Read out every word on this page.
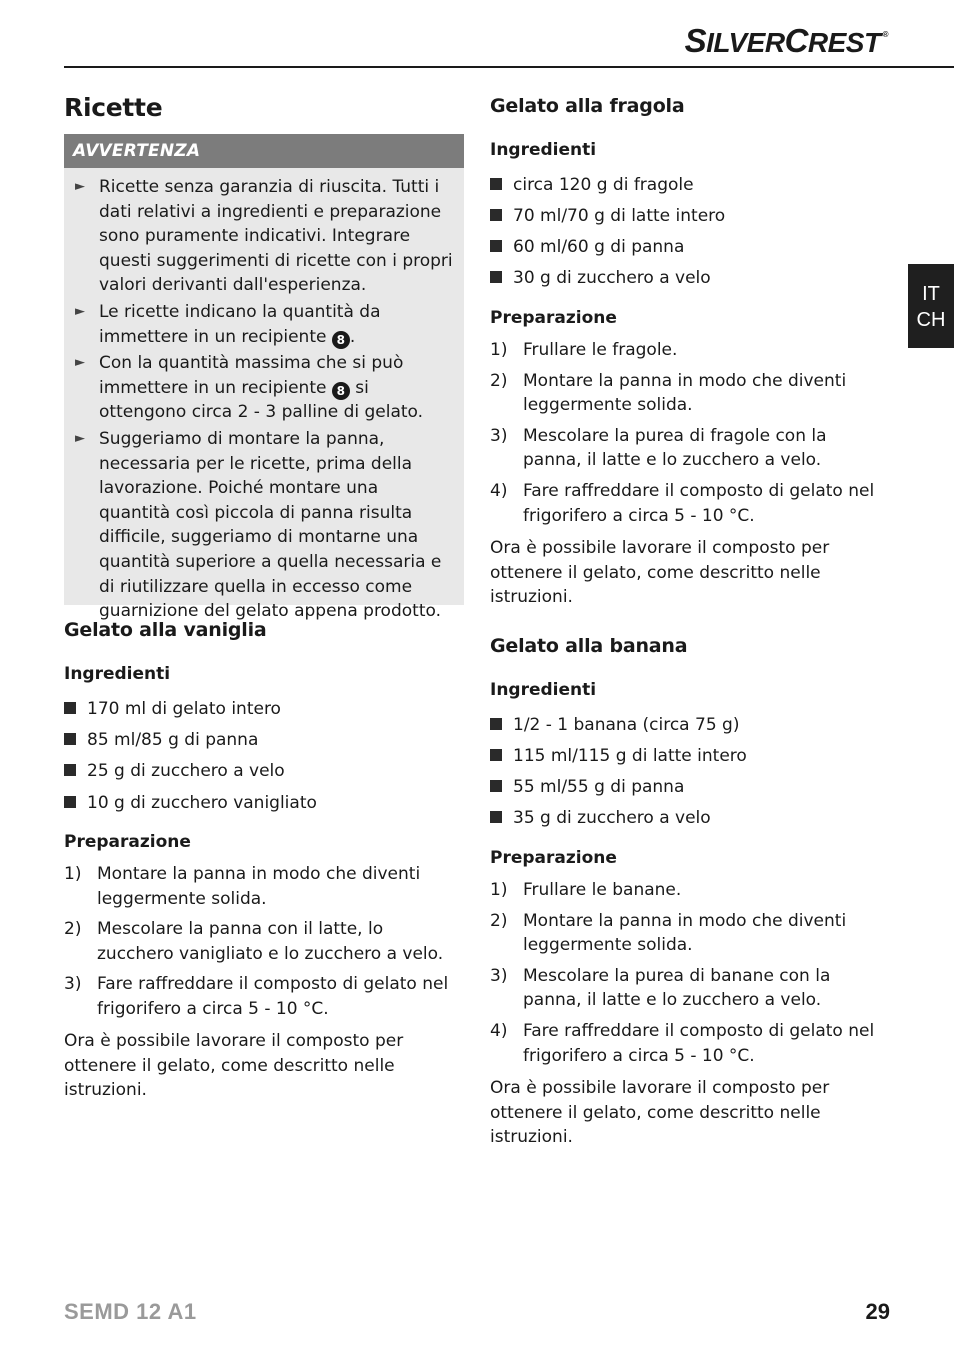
SILVERCREST ®
IT
CH
Ricette
AVVERTENZA
► Ricette senza garanzia di riuscita. Tutti i dati relativi a ingredienti e preparazione sono puramente indicativi. Integrare questi suggerimenti di ricette con i propri valori derivanti dall'esperienza.
► Le ricette indicano la quantità da immettere in un recipiente 8 .
► Con la quantità massima che si può immettere in un recipiente 8 si ottengono circa 2 - 3 palline di gelato.
► Suggeriamo di montare la panna, necessaria per le ricette, prima della lavorazione. Poiché montare una quantità così piccola di panna risulta difficile, suggeriamo di montarne una quantità superiore a quella necessaria e di riutilizzare quella in eccesso come guarnizione del gelato appena prodotto.
Gelato alla vaniglia
Ingredienti
170 ml di gelato intero
85 ml/85 g di panna
25 g di zucchero a velo
10 g di zucchero vanigliato
Preparazione
1) Montare la panna in modo che diventi leggermente solida.
2) Mescolare la panna con il latte, lo zucchero vanigliato e lo zucchero a velo.
3) Fare raffreddare il composto di gelato nel frigorifero a circa 5 - 10 °C.

Ora è possibile lavorare il composto per ottenere il gelato, come descritto nelle istruzioni.

Gelato alla fragola
Ingredienti
circa 120 g di fragole
70 ml/70 g di latte intero
60 ml/60 g di panna
30 g di zucchero a velo
Preparazione
1) Frullare le fragole.
2) Montare la panna in modo che diventi leggermente solida.
3) Mescolare la purea di fragole con la panna, il latte e lo zucchero a velo.
4) Fare raffreddare il composto di gelato nel frigorifero a circa 5 - 10 °C.

Ora è possibile lavorare il composto per ottenere il gelato, come descritto nelle istruzioni.

Gelato alla banana
Ingredienti
1/2 - 1 banana (circa 75 g)
115 ml/115 g di latte intero
55 ml/55 g di panna
35 g di zucchero a velo
Preparazione
1) Frullare le banane.
2) Montare la panna in modo che diventi leggermente solida.
3) Mescolare la purea di banane con la panna, il latte e lo zucchero a velo.
4) Fare raffreddare il composto di gelato nel frigorifero a circa 5 - 10 °C.

Ora è possibile lavorare il composto per ottenere il gelato, come descritto nelle istruzioni.

SEMD 12 A1	29
